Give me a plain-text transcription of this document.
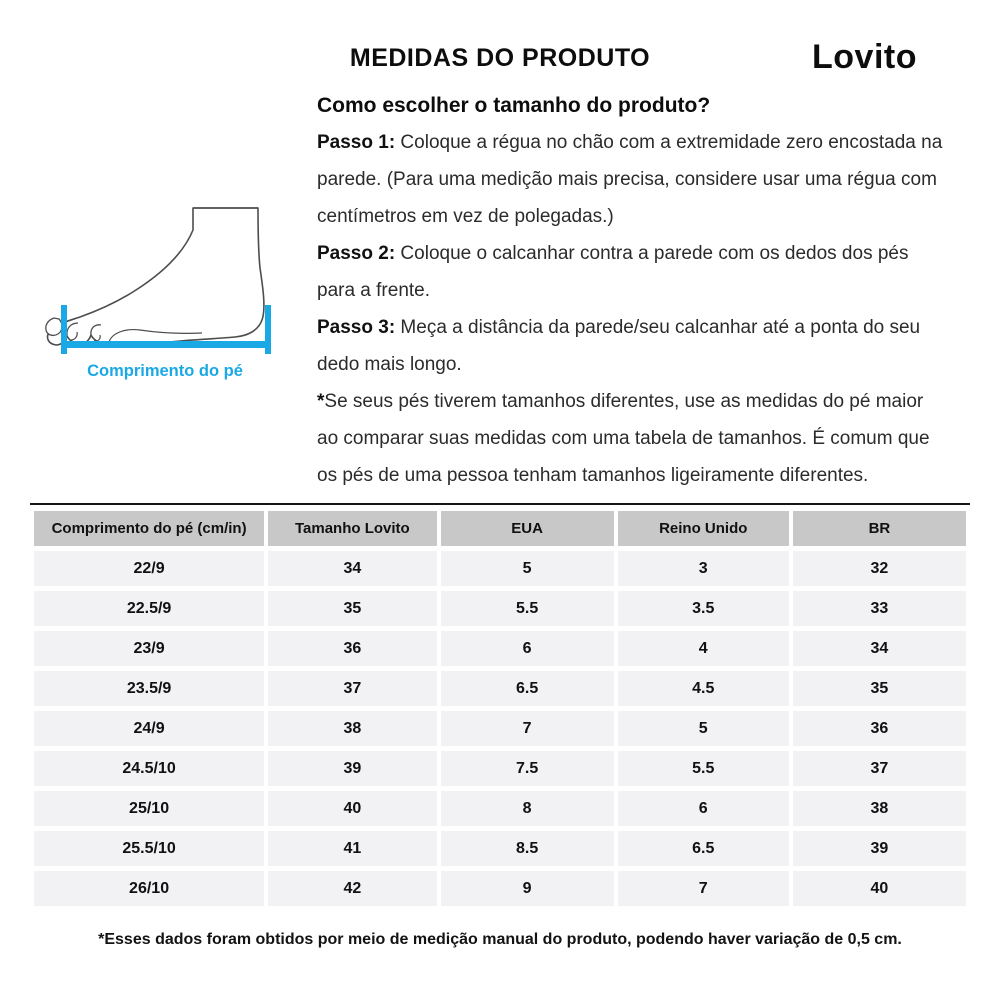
MEDIDAS DO PRODUTO	Lovito
Comprimento do pé
Como escolher o tamanho do produto?

Passo 1: Coloque a régua no chão com a extremidade zero encostada na parede. (Para uma medição mais precisa, considere usar uma régua com centímetros em vez de polegadas.)

Passo 2: Coloque o calcanhar contra a parede com os dedos dos pés para a frente.

Passo 3: Meça a distância da parede/seu calcanhar até a ponta do seu dedo mais longo.

*Se seus pés tiverem tamanhos diferentes, use as medidas do pé maior ao comparar suas medidas com uma tabela de tamanhos. É comum que os pés de uma pessoa tenham tamanhos ligeiramente diferentes.

Comprimento do pé (cm/in)	Tamanho Lovito	EUA	Reino Unido	BR
22/9	34	5	3	32
22.5/9	35	5.5	3.5	33
23/9	36	6	4	34
23.5/9	37	6.5	4.5	35
24/9	38	7	5	36
24.5/10	39	7.5	5.5	37
25/10	40	8	6	38
25.5/10	41	8.5	6.5	39
26/10	42	9	7	40
*Esses dados foram obtidos por meio de medição manual do produto, podendo haver variação de 0,5 cm.
